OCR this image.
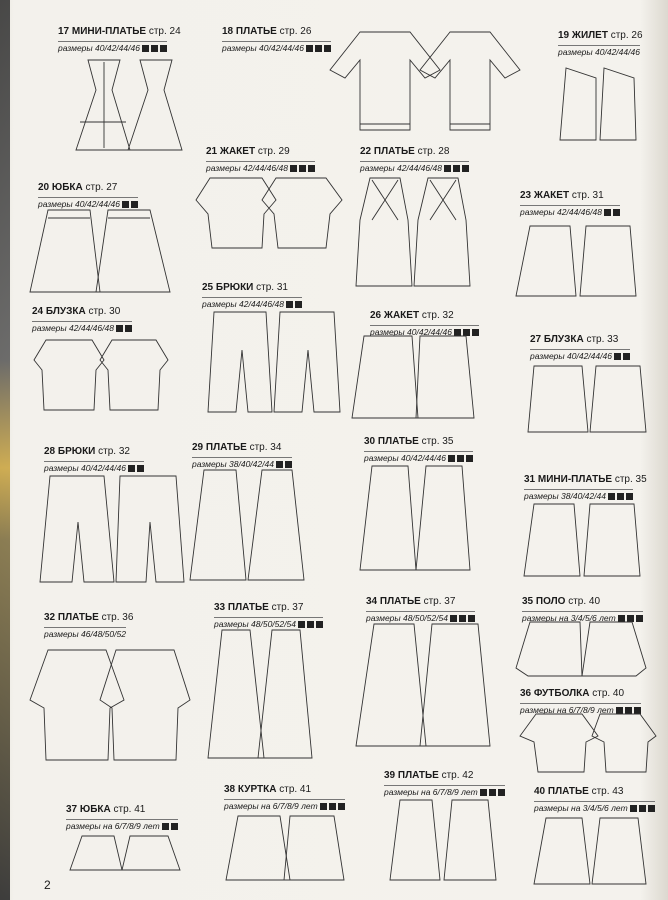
17 МИНИ-ПЛАТЬЕ стр. 24
размеры 40/42/44/46
18 ПЛАТЬЕ стр. 26
размеры 40/42/44/46
19 ЖИЛЕТ стр. 26
размеры 40/42/44/46
20 ЮБКА стр. 27
размеры 40/42/44/46
21 ЖАКЕТ стр. 29
размеры 42/44/46/48
22 ПЛАТЬЕ стр. 28
размеры 42/44/46/48
23 ЖАКЕТ стр. 31
размеры 42/44/46/48
24 БЛУЗКА стр. 30
размеры 42/44/46/48
25 БРЮКИ стр. 31
размеры 42/44/46/48
26 ЖАКЕТ стр. 32
размеры 40/42/44/46
27 БЛУЗКА стр. 33
размеры 40/42/44/46
28 БРЮКИ стр. 32
размеры 40/42/44/46
29 ПЛАТЬЕ стр. 34
размеры 38/40/42/44
30 ПЛАТЬЕ стр. 35
размеры 40/42/44/46
31 МИНИ-ПЛАТЬЕ стр. 35
размеры 38/40/42/44
32 ПЛАТЬЕ стр. 36
размеры 46/48/50/52
33 ПЛАТЬЕ стр. 37
размеры 48/50/52/54
34 ПЛАТЬЕ стр. 37
размеры 48/50/52/54
35 ПОЛО стр. 40
размеры на 3/4/5/6 лет
36 ФУТБОЛКА стр. 40
размеры на 6/7/8/9 лет
37 ЮБКА стр. 41
размеры на 6/7/8/9 лет
38 КУРТКА стр. 41
размеры на 6/7/8/9 лет
39 ПЛАТЬЕ стр. 42
размеры на 6/7/8/9 лет	40 ПЛАТЬЕ стр. 43
размеры на 3/4/5/6 лет
2
